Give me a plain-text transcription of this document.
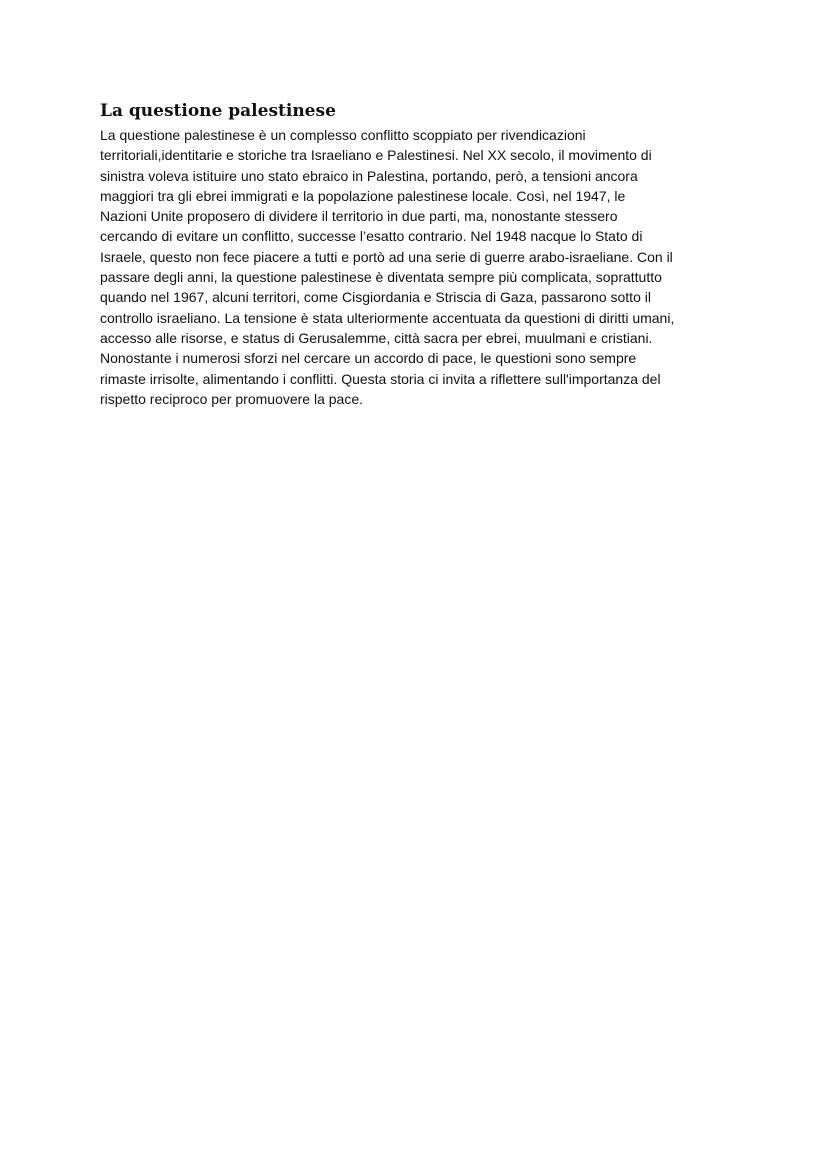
La questione palestinese

La questione palestinese è un complesso conflitto scoppiato per rivendicazioni
territoriali,identitarie e storiche tra Israeliano e Palestinesi. Nel XX secolo, il movimento di
sinistra voleva istituire uno stato ebraico in Palestina, portando, però, a tensioni ancora
maggiori tra gli ebrei immigrati e la popolazione palestinese locale. Così, nel 1947, le
Nazioni Unite proposero di dividere il territorio in due parti, ma, nonostante stessero
cercando di evitare un conflitto, successe l’esatto contrario. Nel 1948 nacque lo Stato di
Israele, questo non fece piacere a tutti e portò ad una serie di guerre arabo-israeliane. Con il
passare degli anni, la questione palestinese è diventata sempre più complicata, soprattutto
quando nel 1967, alcuni territori, come Cisgiordania e Striscia di Gaza, passarono sotto il
controllo israeliano. La tensione è stata ulteriormente accentuata da questioni di diritti umani,
accesso alle risorse, e status di Gerusalemme, città sacra per ebrei, muulmani e cristiani.
Nonostante i numerosi sforzi nel cercare un accordo di pace, le questioni sono sempre
rimaste irrisolte, alimentando i conflitti. Questa storia ci invita a riflettere sull'importanza del
rispetto reciproco per promuovere la pace.
